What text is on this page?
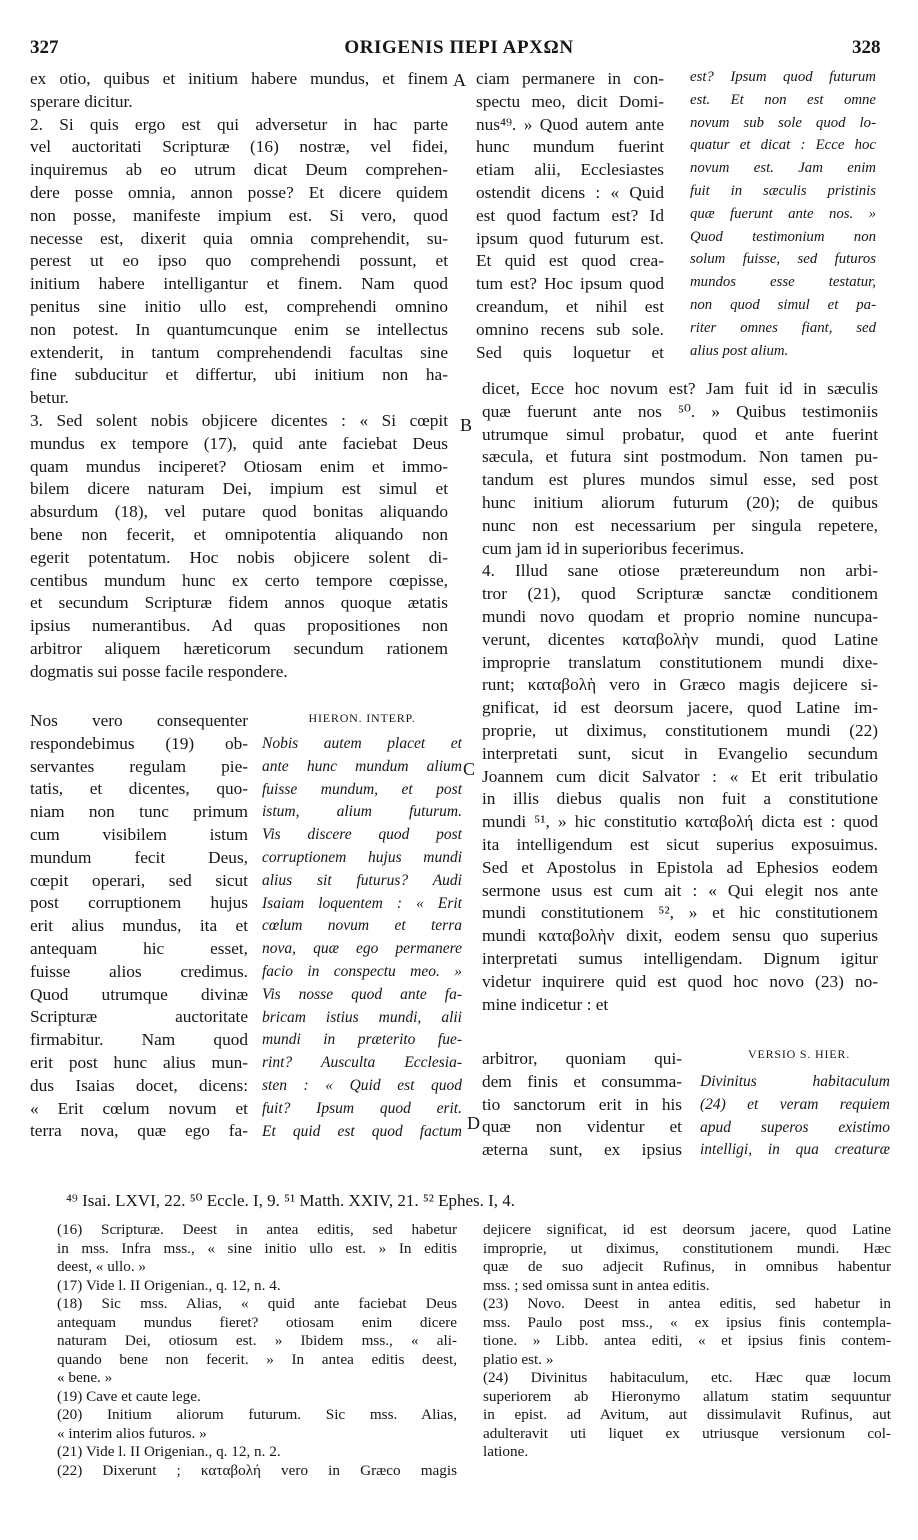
327	ORIGENIS ΠΕΡΙ ΑΡΧΩΝ	328
A
B
C
D
ex otio, quibus et initium habere mundus, et finem
sperare dicitur.
2. Si quis ergo est qui adversetur in hac parte
vel auctoritati Scripturæ (16) nostræ, vel fidei,
inquiremus ab eo utrum dicat Deum comprehen-
dere posse omnia, annon posse? Et dicere quidem
non posse, manifeste impium est. Si vero, quod
necesse est, dixerit quia omnia comprehendit, su-
perest ut eo ipso quo comprehendi possunt, et
initium habere intelligantur et finem. Nam quod
penitus sine initio ullo est, comprehendi omnino
non potest. In quantumcunque enim se intellectus
extenderit, in tantum comprehendendi facultas sine
fine subducitur et differtur, ubi initium non ha-
betur.
3. Sed solent nobis objicere dicentes : « Si cœpit
mundus ex tempore (17), quid ante faciebat Deus
quam mundus inciperet? Otiosam enim et immo-
bilem dicere naturam Dei, impium est simul et
absurdum (18), vel putare quod bonitas aliquando
bene non fecerit, et omnipotentia aliquando non
egerit potentatum. Hoc nobis objicere solent di-
centibus mundum hunc ex certo tempore cœpisse,
et secundum Scripturæ fidem annos quoque ætatis
ipsius numerantibus. Ad quas propositiones non
arbitror aliquem hæreticorum secundum rationem
dogmatis sui posse facile respondere.
Nos vero consequenter
respondebimus (19) ob-
servantes regulam pie-
tatis, et dicentes, quo-
niam non tunc primum
cum visibilem istum
mundum fecit Deus,
cœpit operari, sed sicut
post corruptionem hujus
erit alius mundus, ita et
antequam hic esset,
fuisse alios credimus.
Quod utrumque divinæ
Scripturæ auctoritate
firmabitur. Nam quod
erit post hunc alius mun-
dus Isaias docet, dicens:
« Erit cœlum novum et
terra nova, quæ ego fa-
HIERON. INTERP.
Nobis autem placet et
ante hunc mundum alium
fuisse mundum, et post
istum, alium futurum.
Vis discere quod post
corruptionem hujus mundi
alius sit futurus? Audi
Isaiam loquentem : « Erit
cœlum novum et terra
nova, quæ ego permanere
facio in conspectu meo. »
Vis nosse quod ante fa-
bricam istius mundi, alii
mundi in præterito fue-
rint? Ausculta Ecclesia-
sten : « Quid est quod
fuit? Ipsum quod erit.
Et quid est quod factum
ciam permanere in con-
spectu meo, dicit Domi-
nus⁴⁹. » Quod autem ante
hunc mundum fuerint
etiam alii, Ecclesiastes
ostendit dicens : « Quid
est quod factum est? Id
ipsum quod futurum est.
Et quid est quod crea-
tum est? Hoc ipsum quod
creandum, et nihil est
omnino recens sub sole.
Sed quis loquetur et
est? Ipsum quod futurum
est. Et non est omne
novum sub sole quod lo-
quatur et dicat : Ecce hoc
novum est. Jam enim
fuit in sæculis pristinis
quæ fuerunt ante nos. »
Quod testimonium non
solum fuisse, sed futuros
mundos esse testatur,
non quod simul et pa-
riter omnes fiant, sed
alius post alium.
dicet, Ecce hoc novum est? Jam fuit id in sæculis
quæ fuerunt ante nos ⁵⁰. » Quibus testimoniis
utrumque simul probatur, quod et ante fuerint
sæcula, et futura sint postmodum. Non tamen pu-
tandum est plures mundos simul esse, sed post
hunc initium aliorum futurum (20); de quibus
nunc non est necessarium per singula repetere,
cum jam id in superioribus fecerimus.
4. Illud sane otiose prætereundum non arbi-
tror (21), quod Scripturæ sanctæ conditionem
mundi novo quodam et proprio nomine nuncupa-
verunt, dicentes καταβολὴν mundi, quod Latine
improprie translatum constitutionem mundi dixe-
runt; καταβολὴ vero in Græco magis dejicere si-
gnificat, id est deorsum jacere, quod Latine im-
proprie, ut diximus, constitutionem mundi (22)
interpretati sunt, sicut in Evangelio secundum
Joannem cum dicit Salvator : « Et erit tribulatio
in illis diebus qualis non fuit a constitutione
mundi ⁵¹, » hic constitutio καταβολή dicta est : quod
ita intelligendum est sicut superius exposuimus.
Sed et Apostolus in Epistola ad Ephesios eodem
sermone usus est cum ait : « Qui elegit nos ante
mundi constitutionem ⁵², » et hic constitutionem
mundi καταβολὴν dixit, eodem sensu quo superius
interpretati sumus intelligendam. Dignum igitur
videtur inquirere quid est quod hoc novo (23) no-
mine indicetur : et
arbitror, quoniam qui-
dem finis et consumma-
tio sanctorum erit in his
quæ non videntur et
æterna sunt, ex ipsius
VERSIO S. HIER.
Divinitus habitaculum
(24) et veram requiem
apud superos existimo
intelligi, in qua creaturæ
⁴⁹ Isai. LXVI, 22. ⁵⁰ Eccle. I, 9. ⁵¹ Matth. XXIV, 21. ⁵² Ephes. I, 4.
(16) Scripturæ. Deest in antea editis, sed habetur
in mss. Infra mss., « sine initio ullo est. » In editis
deest, « ullo. »
(17) Vide l. II Origenian., q. 12, n. 4.
(18) Sic mss. Alias, « quid ante faciebat Deus
antequam mundus fieret? otiosam enim dicere
naturam Dei, otiosum est. » Ibidem mss., « ali-
quando bene non fecerit. » In antea editis deest,
« bene. »
(19) Cave et caute lege.
(20) Initium aliorum futurum. Sic mss. Alias,
« interim alios futuros. »
(21) Vide l. II Origenian., q. 12, n. 2.
(22) Dixerunt ; καταβολή vero in Græco magis
dejicere significat, id est deorsum jacere, quod Latine
improprie, ut diximus, constitutionem mundi. Hæc
quæ de suo adjecit Rufinus, in omnibus habentur
mss. ; sed omissa sunt in antea editis.
(23) Novo. Deest in antea editis, sed habetur in
mss. Paulo post mss., « ex ipsius finis contempla-
tione. » Libb. antea editi, « et ipsius finis contem-
platio est. »
(24) Divinitus habitaculum, etc. Hæc quæ locum
superiorem ab Hieronymo allatum statim sequuntur
in epist. ad Avitum, aut dissimulavit Rufinus, aut
adulteravit uti liquet ex utriusque versionum col-
latione.
